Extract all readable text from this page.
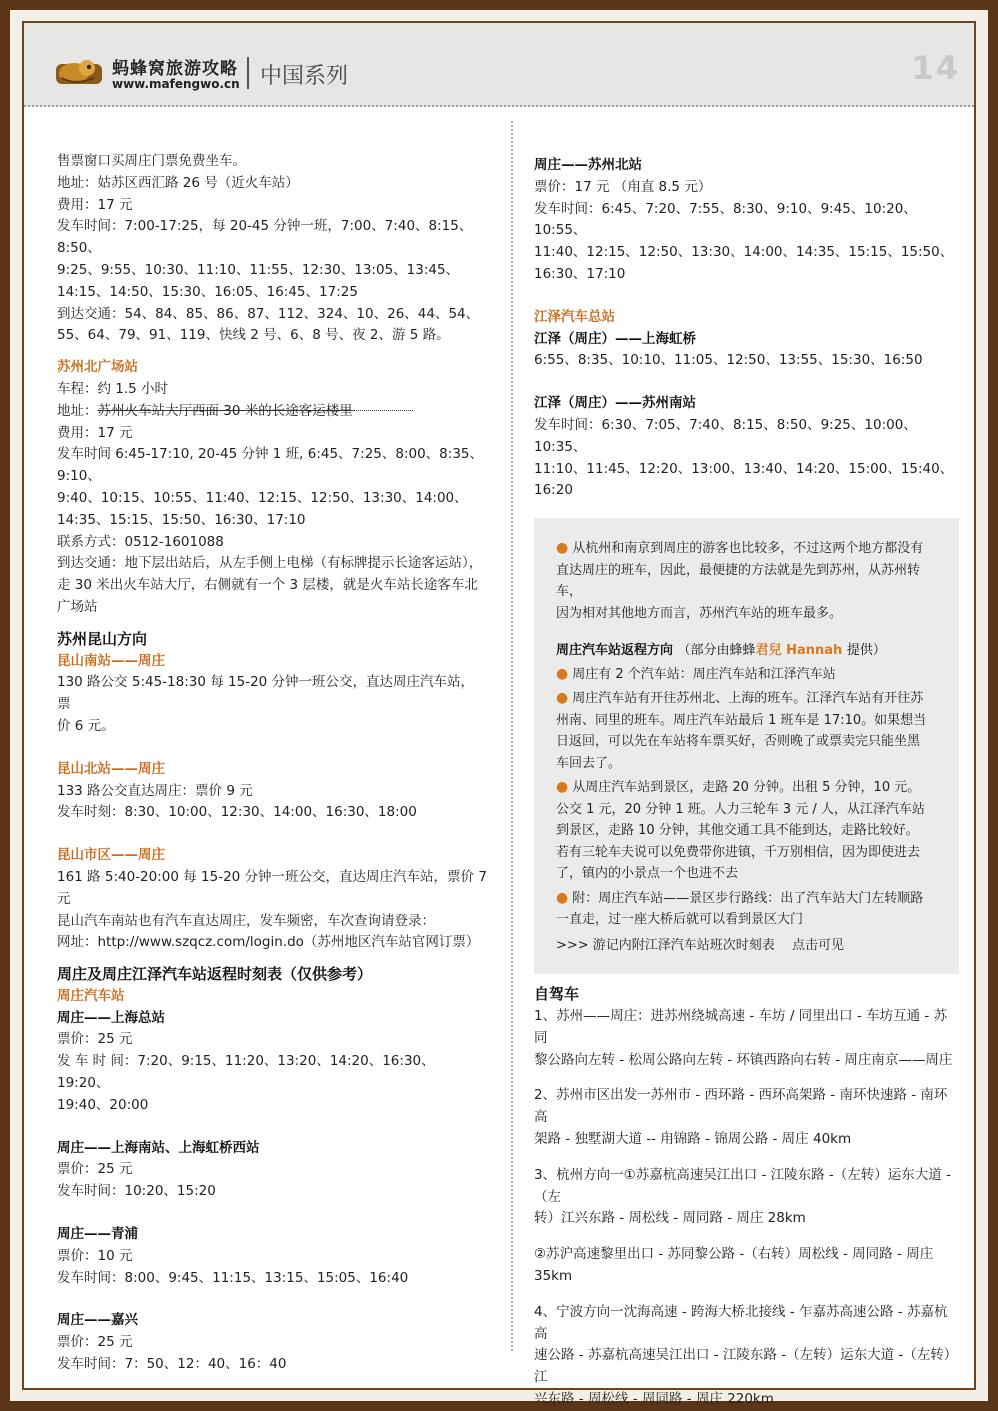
蚂蜂窝旅游攻略
www.mafengwo.cn 中国系列	14

售票窗口买周庄门票免费坐车。

地址：姑苏区西汇路 26 号（近火车站）

费用：17 元

发车时间：7:00-17:25，每 20-45 分钟一班，7:00、7:40、8:15、8:50、

9:25、9:55、10:30、11:10、11:55、12:30、13:05、13:45、

14:15、14:50、15:30、16:05、16:45、17:25

到达交通：54、84、85、86、87、112、324、10、26、44、54、

55、64、79、91、119、快线 2 号、6、8 号、夜 2、游 5 路。

苏州北广场站

车程：约 1.5 小时

地址：苏州火车站大厅西面 30 米的长途客运楼里

费用：17 元

发车时间 6:45-17:10, 20-45 分钟 1 班, 6:45、7:25、8:00、8:35、9:10、

9:40、10:15、10:55、11:40、12:15、12:50、13:30、14:00、

14:35、15:15、15:50、16:30、17:10

联系方式：0512-1601088

到达交通：地下层出站后，从左手侧上电梯（有标牌提示长途客运站），

走 30 米出火车站大厅，右侧就有一个 3 层楼，就是火车站长途客车北

广场站

苏州昆山方向

昆山南站——周庄

130 路公交 5:45-18:30 每 15-20 分钟一班公交，直达周庄汽车站，票

价 6 元。

昆山北站——周庄

133 路公交直达周庄：票价 9 元

发车时刻：8:30、10:00、12:30、14:00、16:30、18:00

昆山市区——周庄

161 路 5:40-20:00 每 15-20 分钟一班公交，直达周庄汽车站，票价 7

元

昆山汽车南站也有汽车直达周庄，发车频密，车次查询请登录：

网址：http://www.szqcz.com/login.do（苏州地区汽车站官网订票）

周庄及周庄江泽汽车站返程时刻表（仅供参考）

周庄汽车站

周庄——上海总站

票价：25 元

发 车 时 间：7:20、9:15、11:20、13:20、14:20、16:30、19:20、

19:40、20:00

周庄——上海南站、上海虹桥西站

票价：25 元

发车时间：10:20、15:20

周庄——青浦

票价：10 元

发车时间：8:00、9:45、11:15、13:15、15:05、16:40

周庄——嘉兴

票价：25 元

发车时间：7：50、12：40、16：40

周庄——苏州北站

票价：17 元 （甪直 8.5 元）

发车时间：6:45、7:20、7:55、8:30、9:10、9:45、10:20、10:55、

11:40、12:15、12:50、13:30、14:00、14:35、15:15、15:50、

16:30、17:10

江泽汽车总站

江泽（周庄）——上海虹桥

6:55、8:35、10:10、11:05、12:50、13:55、15:30、16:50

江泽（周庄）——苏州南站

发车时间：6:30、7:05、7:40、8:15、8:50、9:25、10:00、10:35、

11:10、11:45、12:20、13:00、13:40、14:20、15:00、15:40、

16:20

● 从杭州和南京到周庄的游客也比较多，不过这两个地方都没有

直达周庄的班车，因此，最便捷的方法就是先到苏州，从苏州转车，

因为相对其他地方而言，苏州汽车站的班车最多。

周庄汽车站返程方向 （部分由蜂蜂君兒 Hannah 提供）

● 周庄有 2 个汽车站：周庄汽车站和江泽汽车站

● 周庄汽车站有开往苏州北、上海的班车。江泽汽车站有开往苏

州南、同里的班车。周庄汽车站最后 1 班车是 17:10。如果想当

日返回，可以先在车站将车票买好，否则晚了或票卖完只能坐黑

车回去了。

● 从周庄汽车站到景区，走路 20 分钟。出租 5 分钟，10 元。

公交 1 元，20 分钟 1 班。人力三轮车 3 元 / 人，从江泽汽车站

到景区，走路 10 分钟，其他交通工具不能到达，走路比较好。

若有三轮车夫说可以免费带你进镇，千万别相信，因为即使进去

了，镇内的小景点一个也进不去

● 附：周庄汽车站——景区步行路线：出了汽车站大门左转顺路

一直走，过一座大桥后就可以看到景区大门

>>> 游记内附江泽汽车站班次时刻表　 点击可见

自驾车

1、苏州——周庄：进苏州绕城高速 - 车坊 / 同里出口 - 车坊互通 - 苏同

黎公路向左转 - 松周公路向左转 - 环镇西路向右转 - 周庄南京——周庄

2、苏州市区出发一苏州市 - 西环路 - 西环高架路 - 南环快速路 - 南环高

架路 - 独墅湖大道 -- 甪锦路 - 锦周公路 - 周庄 40km

3、杭州方向一①苏嘉杭高速吴江出口 - 江陵东路 -（左转）运东大道 -（左

转）江兴东路 - 周松线 - 周同路 - 周庄 28km

②苏沪高速黎里出口 - 苏同黎公路 -（右转）周松线 - 周同路 - 周庄

35km

4、宁波方向一沈海高速 - 跨海大桥北接线 - 乍嘉苏高速公路 - 苏嘉杭高

速公路 - 苏嘉杭高速吴江出口 - 江陵东路 -（左转）运东大道 -（左转）江

兴东路 - 周松线 - 周同路 - 周庄 220km
